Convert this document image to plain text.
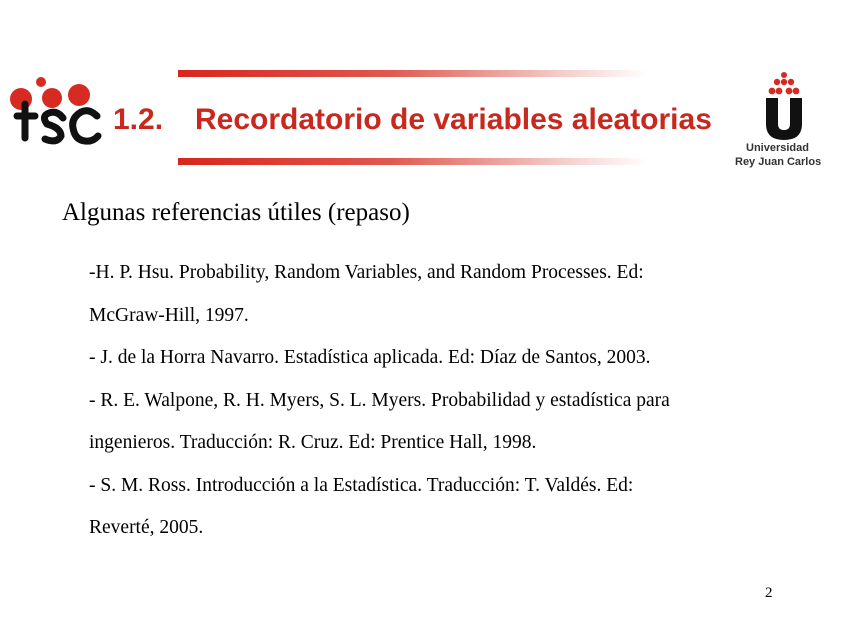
1.2. Recordatorio de variables aleatorias
Universidad
Rey Juan Carlos
Algunas referencias útiles (repaso)
-H. P. Hsu. Probability, Random Variables, and Random Processes. Ed:
McGraw-Hill, 1997.
- J. de la Horra Navarro. Estadística aplicada. Ed: Díaz de Santos, 2003.
- R. E. Walpone, R. H. Myers, S. L. Myers. Probabilidad y estadística para
ingenieros. Traducción: R. Cruz. Ed: Prentice Hall, 1998.
- S. M. Ross. Introducción a la Estadística. Traducción: T. Valdés. Ed:
Reverté, 2005.
2
